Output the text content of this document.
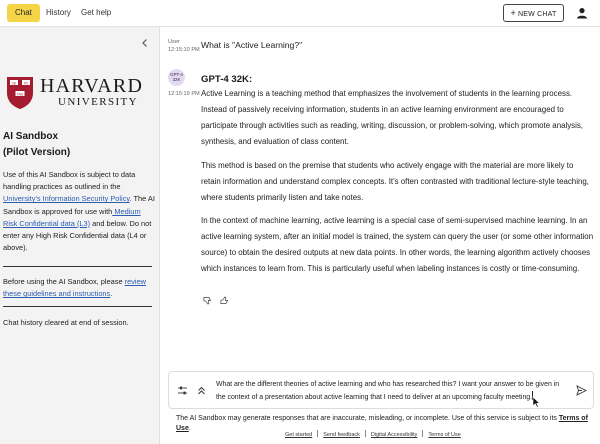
Chat	History	Get help	+ NEW CHAT
VE RI
TAS HARVARD
UNIVERSITY
AI Sandbox
(Pilot Version)
Use of this AI Sandbox is subject to data handling practices as outlined in the University's Information Security Policy. The AI Sandbox is approved for use with Medium Risk Confidential data (L3) and below. Do not enter any High Risk Confidential data (L4 or above).
Before using the AI Sandbox, please review these guidelines and instructions.
Chat history cleared at end of session.
User
12:15:10 PM What is "Active Learning?"
GPT-4
32K
12:15:19 PM
GPT-4 32K:
Active Learning is a teaching method that emphasizes the involvement of students in the learning process. Instead of passively receiving information, students in an active learning environment are encouraged to participate through activities such as reading, writing, discussion, or problem-solving, which promote analysis, synthesis, and evaluation of class content.
This method is based on the premise that students who actively engage with the material are more likely to retain information and understand complex concepts. It's often contrasted with traditional lecture-style teaching, where students primarily listen and take notes.
In the context of machine learning, active learning is a special case of semi-supervised machine learning. In an active learning system, after an initial model is trained, the system can query the user (or some other information source) to obtain the desired outputs at new data points. In other words, the learning algorithm actively chooses which instances to learn from. This is particularly useful when labeling instances is costly or time-consuming.
What are the different theories of active learning and who has researched this? I want your answer to be given in the context of a presentation about active learning that I need to deliver at an upcoming faculty meeting.
The AI Sandbox may generate responses that are inaccurate, misleading, or incomplete. Use of this service is subject to its Terms of Use.
Get started Send feedback Digital Accessibility Terms of Use
